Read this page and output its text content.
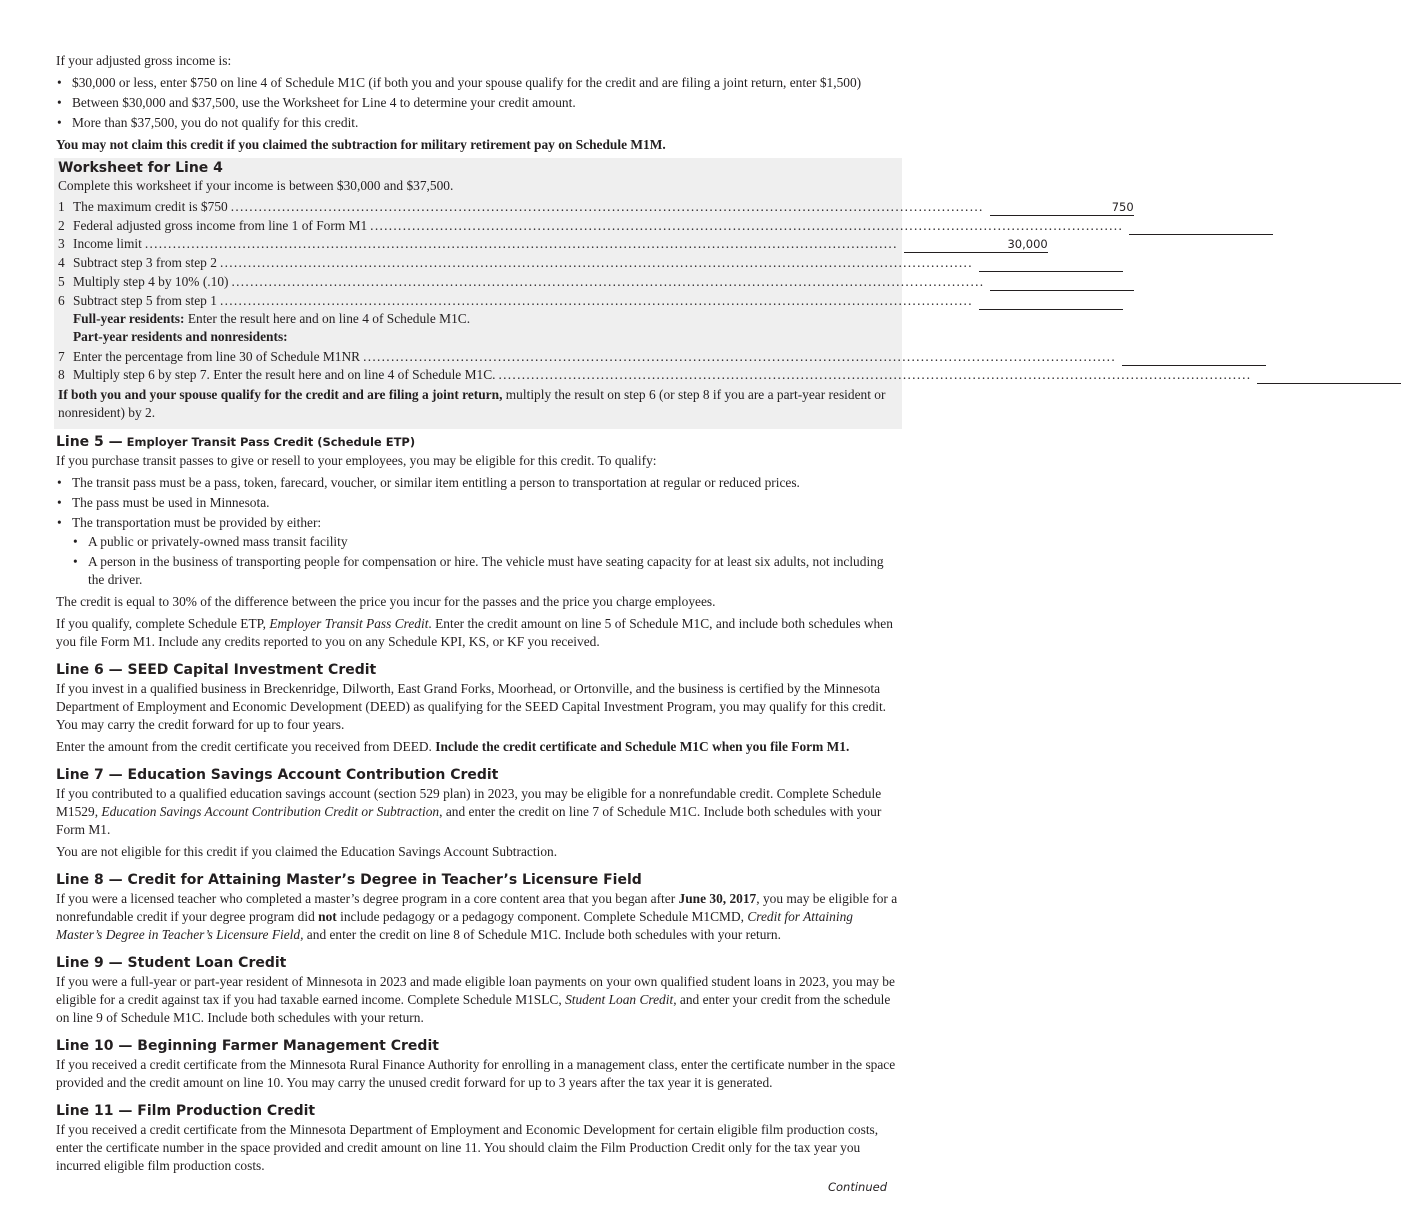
If your adjusted gross income is:

• $30,000 or less, enter $750 on line 4 of Schedule M1C (if both you and your spouse qualify for the credit and are filing a joint return, enter $1,500)
• Between $30,000 and $37,500, use the Worksheet for Line 4 to determine your credit amount.
• More than $37,500, you do not qualify for this credit.

You may not claim this credit if you claimed the subtraction for military retirement pay on Schedule M1M.

Worksheet for Line 4

Complete this worksheet if your income is between $30,000 and $37,500.

1 The maximum credit is $750 ..................................................................................................................................................................	750
2 Federal adjusted gross income from line 1 of Form M1 ..................................................................................................................................................................
3 Income limit ..................................................................................................................................................................	30,000
4 Subtract step 3 from step 2 ..................................................................................................................................................................
5 Multiply step 4 by 10% (.10) ..................................................................................................................................................................
6 Subtract step 5 from step 1 ..................................................................................................................................................................
Full-year residents: Enter the result here and on line 4 of Schedule M1C.
Part-year residents and nonresidents:
7 Enter the percentage from line 30 of Schedule M1NR ..................................................................................................................................................................
8 Multiply step 6 by step 7. Enter the result here and on line 4 of Schedule M1C. ..................................................................................................................................................................

If both you and your spouse qualify for the credit and are filing a joint return, multiply the result on step 6 (or step 8 if you are a part-year resident or nonresident) by 2.

Line 5 — Employer Transit Pass Credit (Schedule ETP)

If you purchase transit passes to give or resell to your employees, you may be eligible for this credit. To qualify:

• The transit pass must be a pass, token, farecard, voucher, or similar item entitling a person to transportation at regular or reduced prices.
• The pass must be used in Minnesota.
• The transportation must be provided by either:
• A public or privately-owned mass transit facility
• A person in the business of transporting people for compensation or hire. The vehicle must have seating capacity for at least six adults, not including the driver.

The credit is equal to 30% of the difference between the price you incur for the passes and the price you charge employees.

If you qualify, complete Schedule ETP, Employer Transit Pass Credit. Enter the credit amount on line 5 of Schedule M1C, and include both schedules when you file Form M1. Include any credits reported to you on any Schedule KPI, KS, or KF you received.

Line 6 — SEED Capital Investment Credit

If you invest in a qualified business in Breckenridge, Dilworth, East Grand Forks, Moorhead, or Ortonville, and the business is certified by the Minnesota Department of Employment and Economic Development (DEED) as qualifying for the SEED Capital Investment Program, you may qualify for this credit. You may carry the credit forward for up to four years.

Enter the amount from the credit certificate you received from DEED. Include the credit certificate and Schedule M1C when you file Form M1.

Line 7 — Education Savings Account Contribution Credit

If you contributed to a qualified education savings account (section 529 plan) in 2023, you may be eligible for a nonrefundable credit. Complete Schedule M1529, Education Savings Account Contribution Credit or Subtraction, and enter the credit on line 7 of Schedule M1C. Include both schedules with your Form M1.

You are not eligible for this credit if you claimed the Education Savings Account Subtraction.

Line 8 — Credit for Attaining Master’s Degree in Teacher’s Licensure Field

If you were a licensed teacher who completed a master’s degree program in a core content area that you began after June 30, 2017, you may be eligible for a nonrefundable credit if your degree program did not include pedagogy or a pedagogy component. Complete Schedule M1CMD, Credit for Attaining Master’s Degree in Teacher’s Licensure Field, and enter the credit on line 8 of Schedule M1C. Include both schedules with your return.

Line 9 — Student Loan Credit

If you were a full-year or part-year resident of Minnesota in 2023 and made eligible loan payments on your own qualified student loans in 2023, you may be eligible for a credit against tax if you had taxable earned income. Complete Schedule M1SLC, Student Loan Credit, and enter your credit from the schedule on line 9 of Schedule M1C. Include both schedules with your return.

Line 10 — Beginning Farmer Management Credit

If you received a credit certificate from the Minnesota Rural Finance Authority for enrolling in a management class, enter the certificate number in the space provided and the credit amount on line 10. You may carry the unused credit forward for up to 3 years after the tax year it is generated.

Line 11 — Film Production Credit

If you received a credit certificate from the Minnesota Department of Employment and Economic Development for certain eligible film production costs, enter the certificate number in the space provided and credit amount on line 11. You should claim the Film Production Credit only for the tax year you incurred eligible film production costs.

Continued
